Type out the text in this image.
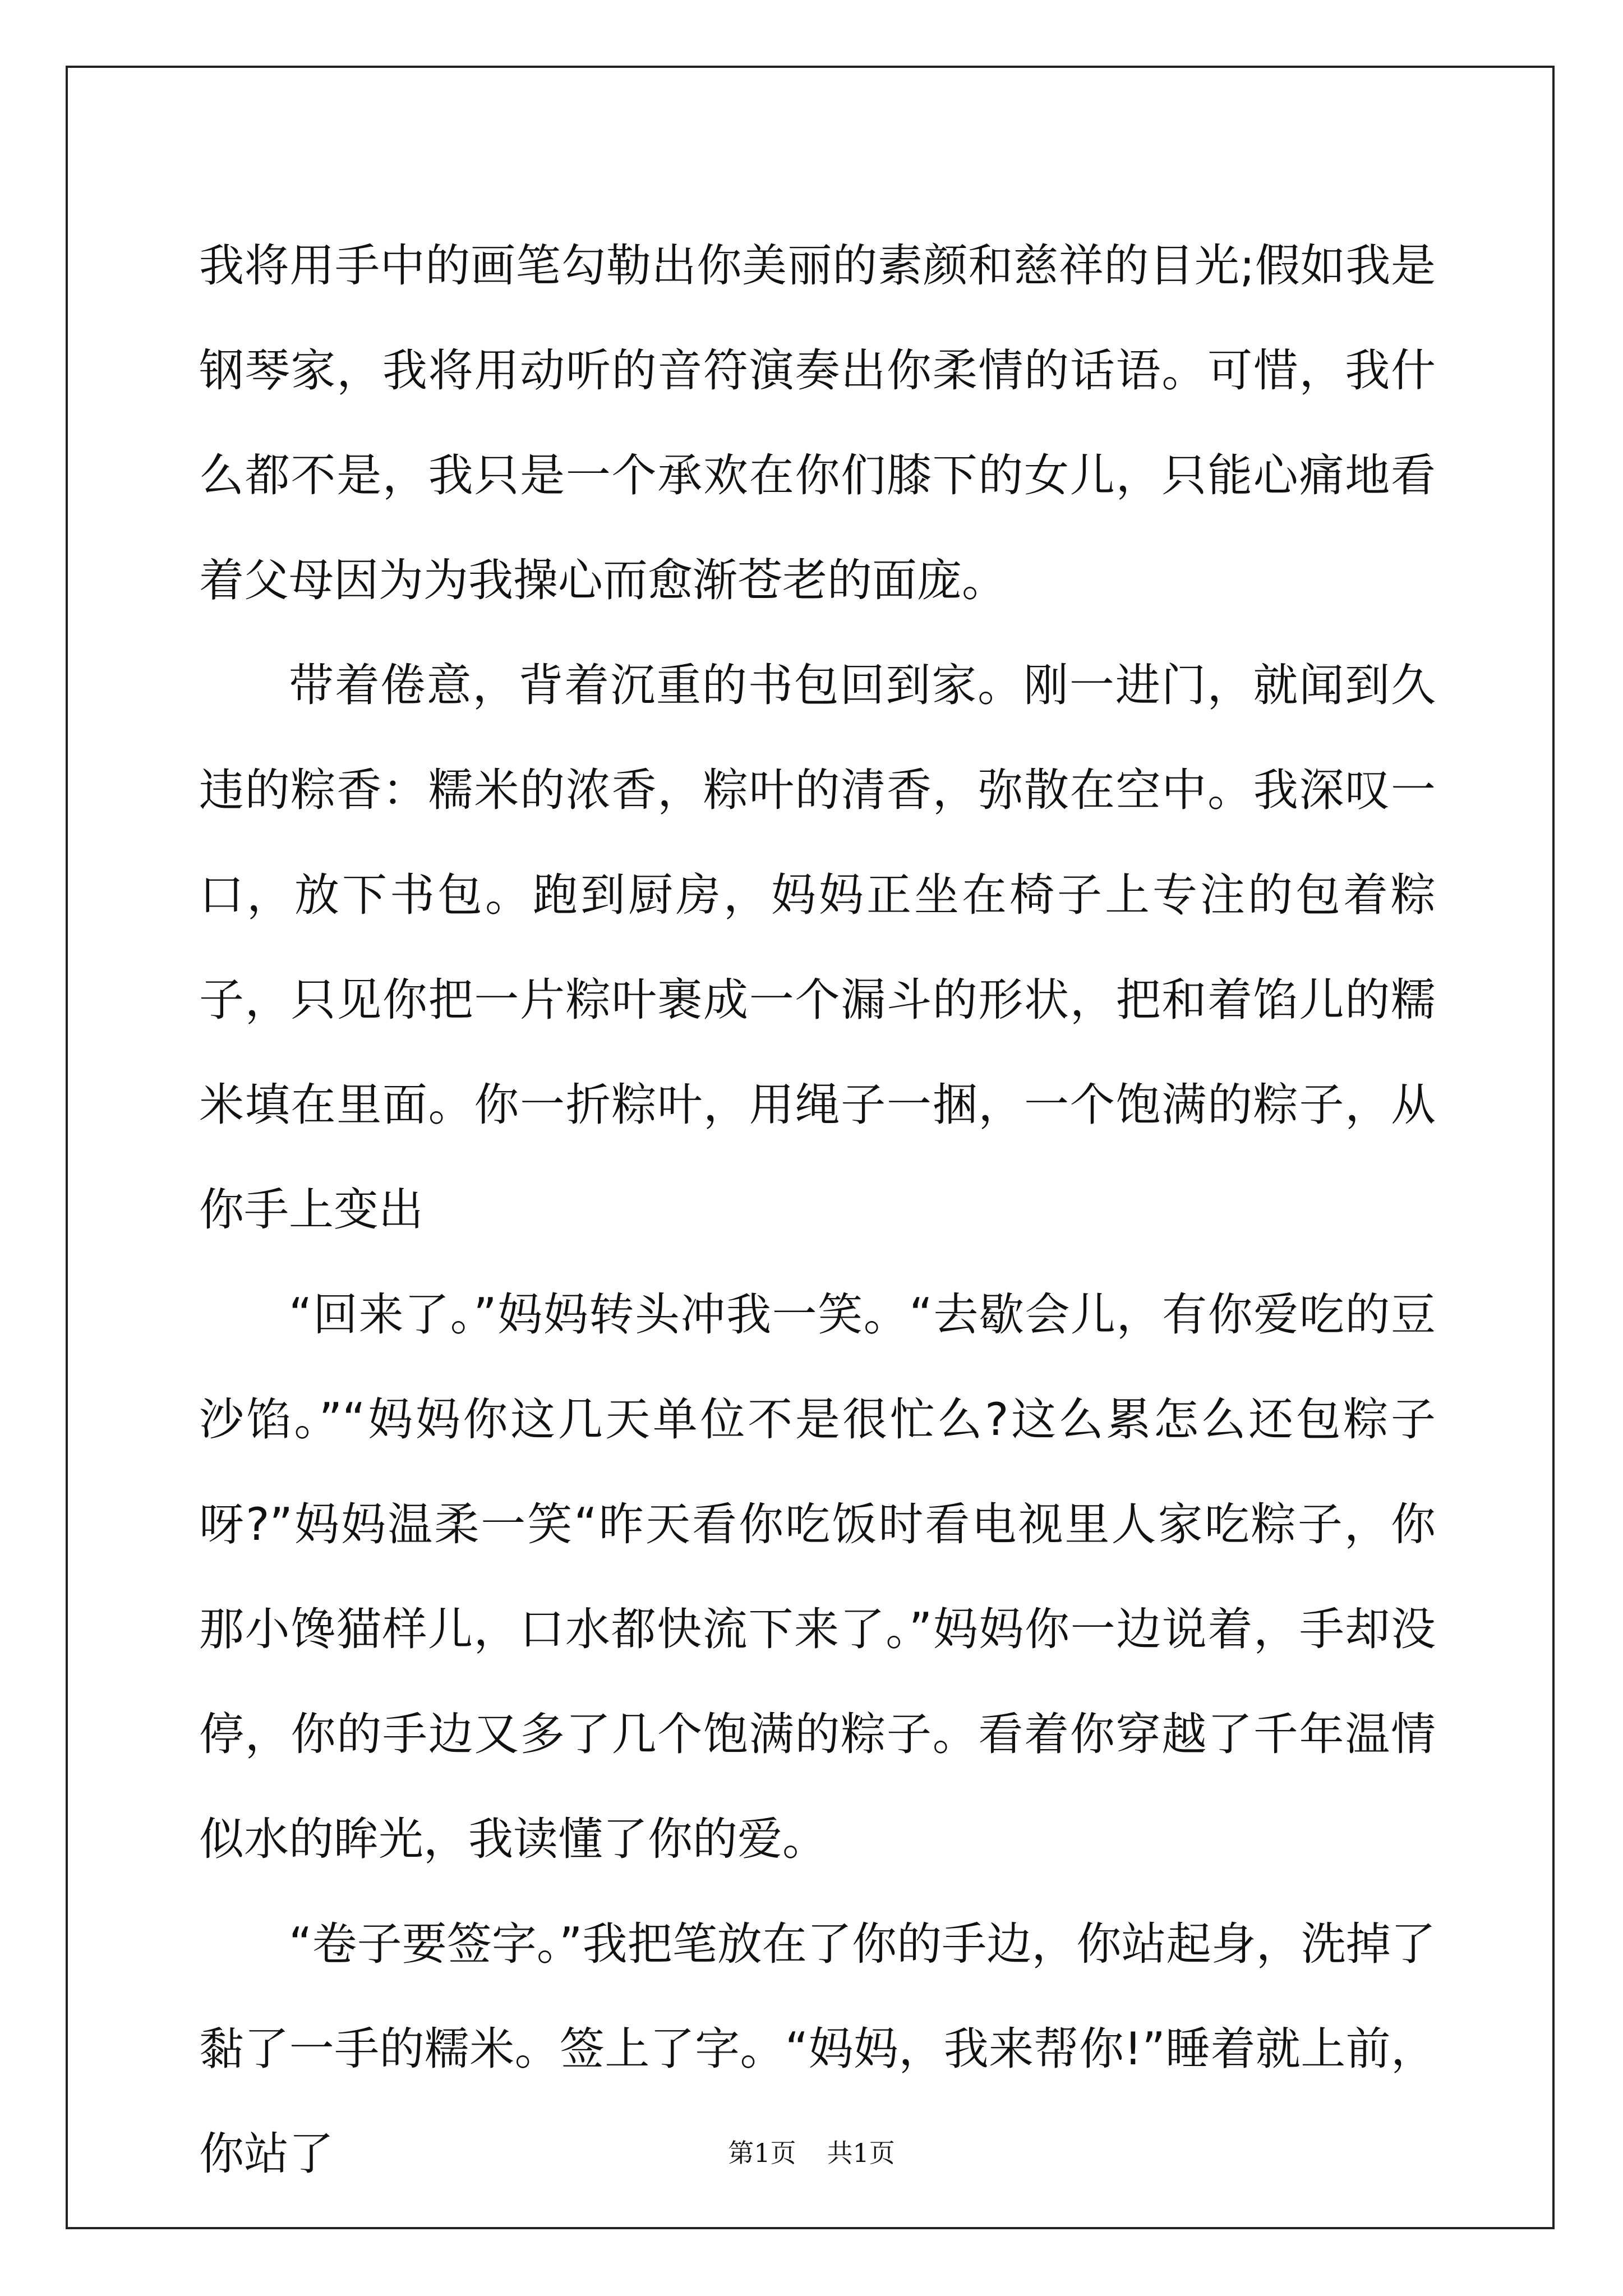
我将用手中的画笔勾勒出你美丽的素颜和慈祥的目光;假如我是钢琴家，我将用动听的音符演奏出你柔情的话语。可惜，我什么都不是，我只是一个承欢在你们膝下的女儿，只能心痛地看着父母因为为我操心而愈渐苍老的面庞。

带着倦意，背着沉重的书包回到家。刚一进门，就闻到久违的粽香：糯米的浓香，粽叶的清香，弥散在空中。我深叹一口，放下书包。跑到厨房，妈妈正坐在椅子上专注的包着粽子，只见你把一片粽叶裹成一个漏斗的形状，把和着馅儿的糯米填在里面。你一折粽叶，用绳子一捆，一个饱满的粽子，从你手上变出

“回来了。”妈妈转头冲我一笑。“去歇会儿，有你爱吃的豆沙馅。”“妈妈你这几天单位不是很忙么?这么累怎么还包粽子呀?”妈妈温柔一笑“昨天看你吃饭时看电视里人家吃粽子，你那小馋猫样儿，口水都快流下来了。”妈妈你一边说着，手却没停，你的手边又多了几个饱满的粽子。看着你穿越了千年温情似水的眸光，我读懂了你的爱。

“卷子要签字。”我把笔放在了你的手边，你站起身，洗掉了黏了一手的糯米。签上了字。“妈妈，我来帮你!”睡着就上前，你站了	第1页 共1页
